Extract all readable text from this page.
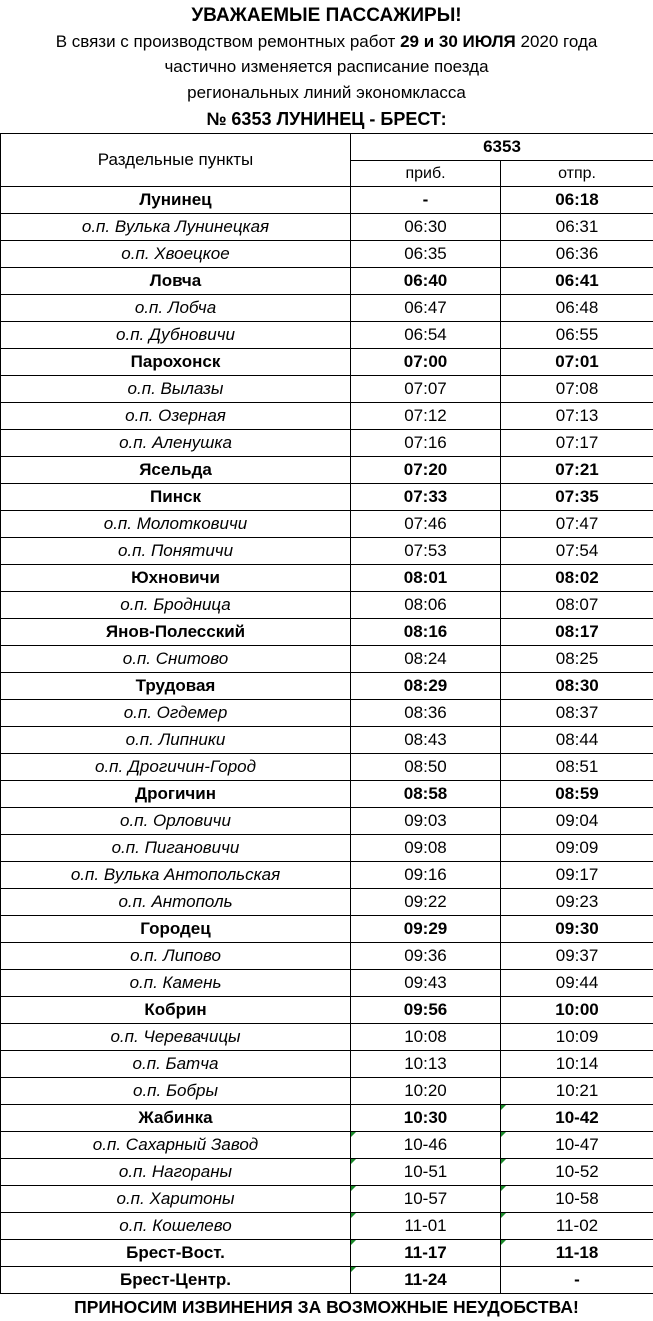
УВАЖАЕМЫЕ ПАССАЖИРЫ!
В связи с производством ремонтных работ 29 и 30 ИЮЛЯ 2020 года
частично изменяется расписание поезда
региональных линий экономкласса
№ 6353 ЛУНИНЕЦ - БРЕСТ:
Раздельные пункты	6353	
	приб.	отпр.
Лунинец	-	06:18
о.п. Вулька Лунинецкая	06:30	06:31
о.п. Хвоецкое	06:35	06:36
Ловча	06:40	06:41
о.п. Лобча	06:47	06:48
о.п. Дубновичи	06:54	06:55
Парохонск	07:00	07:01
о.п. Вылазы	07:07	07:08
о.п. Озерная	07:12	07:13
о.п. Аленушка	07:16	07:17
Ясельда	07:20	07:21
Пинск	07:33	07:35
о.п. Молотковичи	07:46	07:47
о.п. Понятичи	07:53	07:54
Юхновичи	08:01	08:02
о.п. Бродница	08:06	08:07
Янов-Полесский	08:16	08:17
о.п. Снитово	08:24	08:25
Трудовая	08:29	08:30
о.п. Огдемер	08:36	08:37
о.п. Липники	08:43	08:44
о.п. Дрогичин-Город	08:50	08:51
Дрогичин	08:58	08:59
о.п. Орловичи	09:03	09:04
о.п. Пигановичи	09:08	09:09
о.п. Вулька Антопольская	09:16	09:17
о.п. Антополь	09:22	09:23
Городец	09:29	09:30
о.п. Липово	09:36	09:37
о.п. Камень	09:43	09:44
Кобрин	09:56	10:00
о.п. Черевачицы	10:08	10:09
о.п. Батча	10:13	10:14
о.п. Бобры	10:20	10:21
Жабинка	10:30	10-42
о.п. Сахарный Завод	10-46	10-47
о.п. Нагораны	10-51	10-52
о.п. Харитоны	10-57	10-58
о.п. Кошелево	11-01	11-02
Брест-Вост.	11-17	11-18
Брест-Центр.	11-24	-
ПРИНОСИМ ИЗВИНЕНИЯ ЗА ВОЗМОЖНЫЕ НЕУДОБСТВА!
